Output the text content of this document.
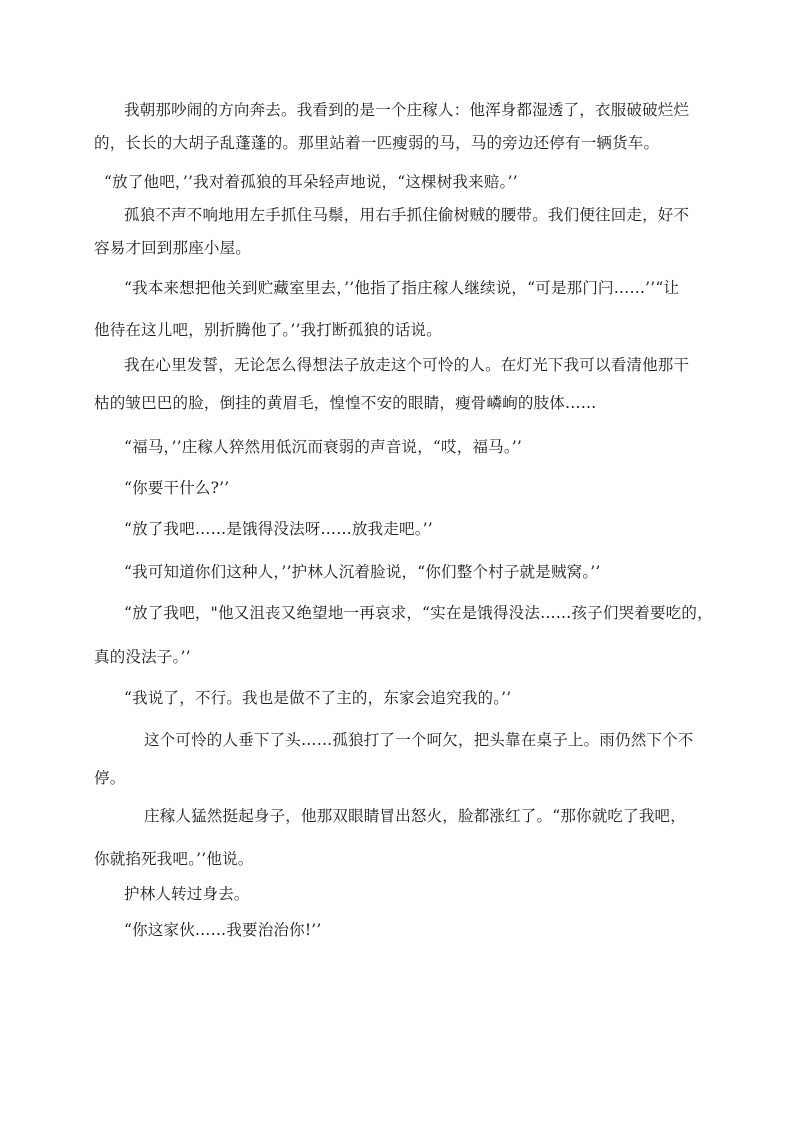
我朝那吵闹的方向奔去。我看到的是一个庄稼人：他浑身都湿透了，衣服破破烂烂
的，长长的大胡子乱蓬蓬的。那里站着一匹瘦弱的马，马的旁边还停有一辆货车。
“放了他吧，’’我对着孤狼的耳朵轻声地说，“这棵树我来赔。’’
孤狼不声不响地用左手抓住马鬃，用右手抓住偷树贼的腰带。我们便往回走，好不
容易才回到那座小屋。
“我本来想把他关到贮藏室里去，’’他指了指庄稼人继续说，“可是那门闩……’’“让
他待在这儿吧，别折腾他了。’’我打断孤狼的话说。
我在心里发誓，无论怎么得想法子放走这个可怜的人。在灯光下我可以看清他那干
枯的皱巴巴的脸，倒挂的黄眉毛，惶惶不安的眼睛，瘦骨嶙峋的肢体……
“福马，’’庄稼人猝然用低沉而衰弱的声音说，“哎，福马。’’
“你要干什么?’’
“放了我吧……是饿得没法呀……放我走吧。’’
“我可知道你们这种人，’’护林人沉着脸说，“你们整个村子就是贼窝。’’
“放了我吧，"他又沮丧又绝望地一再哀求，“实在是饿得没法……孩子们哭着要吃的，
真的没法子。’’
“我说了，不行。我也是做不了主的，东家会追究我的。’’
这个可怜的人垂下了头……孤狼打了一个呵欠，把头靠在桌子上。雨仍然下个不
停。
庄稼人猛然挺起身子，他那双眼睛冒出怒火，脸都涨红了。“那你就吃了我吧，
你就掐死我吧。’’他说。
护林人转过身去。
“你这家伙……我要治治你!’’
